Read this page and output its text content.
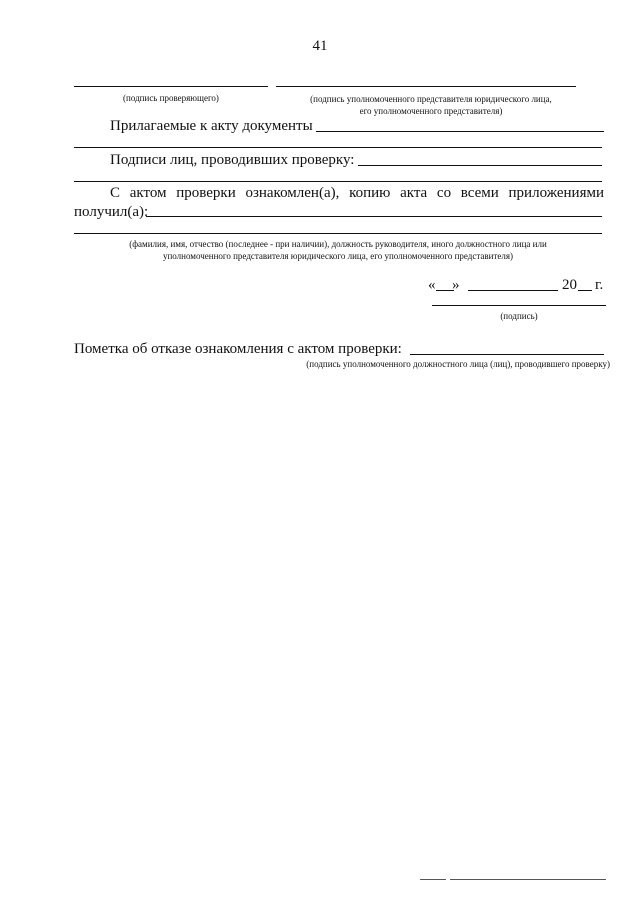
41
(подпись проверяющего)	(подпись уполномоченного представителя юридического лица,
его уполномоченного представителя)
Прилагаемые к акту документы
Подписи лиц, проводивших проверку:
С актом проверки ознакомлен(а), копию акта со всеми приложениями
получил(а):
(фамилия, имя, отчество (последнее - при наличии), должность руководителя, иного должностного лица или
уполномоченного представителя юридического лица, его уполномоченного представителя)
« »	20 г.
(подпись)
Пометка об отказе ознакомления с актом проверки:
(подпись уполномоченного должностного лица (лиц), проводившего проверку)
